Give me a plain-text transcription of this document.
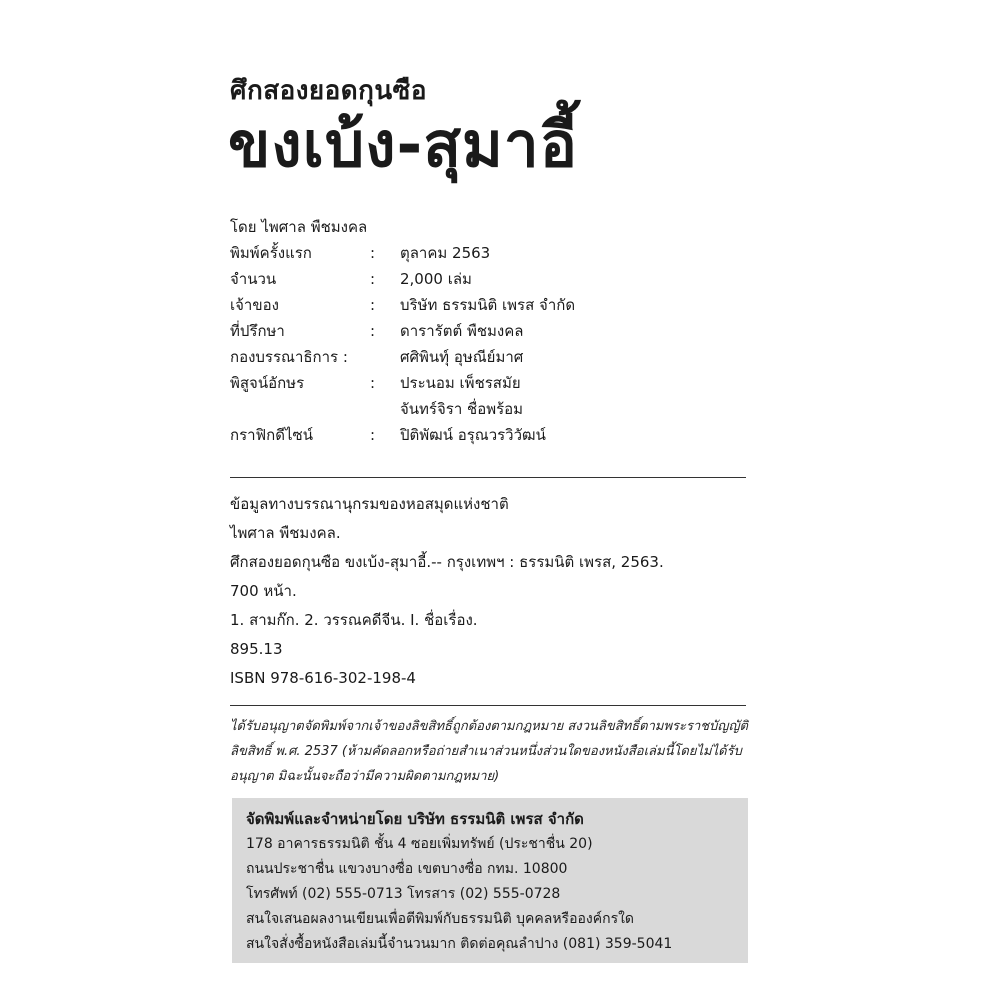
ศึกสองยอดกุนซือ
ขงเบ้ง-สุมาอี้
โดย ไพศาล พืชมงคล
พิมพ์ครั้งแรก	:	ตุลาคม 2563
จำนวน	:	2,000 เล่ม
เจ้าของ	:	บริษัท ธรรมนิติ เพรส จำกัด
ที่ปรึกษา	:	ดารารัตต์ พืชมงคล
กองบรรณาธิการ :	ศศิพินทุ์ อุษณีย์มาศ
พิสูจน์อักษร	:	ประนอม เพ็ชรสมัย
จันทร์จิรา ชื่อพร้อม
กราฟิกดีไซน์	:	ปิติพัฒน์ อรุณวรวิวัฒน์
ข้อมูลทางบรรณานุกรมของหอสมุดแห่งชาติ
ไพศาล พืชมงคล.
ศึกสองยอดกุนซือ ขงเบ้ง-สุมาอี้.-- กรุงเทพฯ : ธรรมนิติ เพรส, 2563.
700 หน้า.
1. สามก๊ก. 2. วรรณคดีจีน. I. ชื่อเรื่อง.
895.13
ISBN 978-616-302-198-4
ได้รับอนุญาตจัดพิมพ์จากเจ้าของลิขสิทธิ์ถูกต้องตามกฎหมาย สงวนลิขสิทธิ์ตามพระราชบัญญัติลิขสิทธิ์ พ.ศ. 2537 (ห้ามคัดลอกหรือถ่ายสำเนาส่วนหนึ่งส่วนใดของหนังสือเล่มนี้โดยไม่ได้รับอนุญาต มิฉะนั้นจะถือว่ามีความผิดตามกฎหมาย)
จัดพิมพ์และจำหน่ายโดย บริษัท ธรรมนิติ เพรส จำกัด
178 อาคารธรรมนิติ ชั้น 4 ซอยเพิ่มทรัพย์ (ประชาชื่น 20)
ถนนประชาชื่น แขวงบางซื่อ เขตบางซื่อ กทม. 10800
โทรศัพท์ (02) 555-0713 โทรสาร (02) 555-0728
สนใจเสนอผลงานเขียนเพื่อตีพิมพ์กับธรรมนิติ บุคคลหรือองค์กรใด
สนใจสั่งซื้อหนังสือเล่มนี้จำนวนมาก ติดต่อคุณลำปาง (081) 359-5041
